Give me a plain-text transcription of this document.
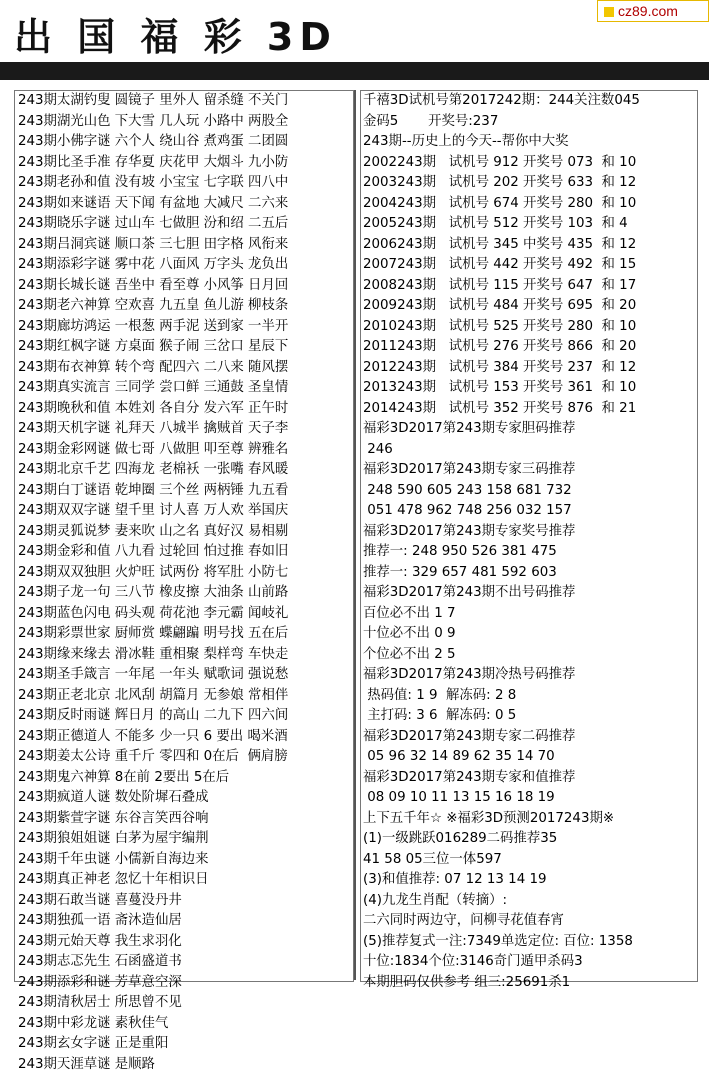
出 国 福 彩 3D
cz89.com
243期太湖钓叟 圆镜子 里外人 留杀缝 不关门
243期湖光山色 下大雪 几人玩 小路中 两股全
243期小佛字谜 六个人 绕山谷 煮鸡蛋 二团圆
243期比圣手准 存华夏 庆花甲 大烟斗 九小防
243期老孙和值 没有坡 小宝宝 七字联 四八中
243期如来谜语 天下闻 有盆地 大减尺 二六来
243期晓乐字谜 过山车 七做胆 汾和绍 二五后
243期吕洞宾谜 顺口茶 三七胆 田字格 风衔来
243期添彩字谜 雾中花 八面风 万字头 龙负出
243期长城长谜 吾坐中 看至尊 小风筝 日月回
243期老六神算 空欢喜 九五皇 鱼儿游 柳枝条
243期廊坊鸿运 一根葱 两手泥 送到家 一半开
243期红枫字谜 方桌面 猴子闹 三岔口 星辰下
243期布衣神算 转个弯 配四六 二八来 随风摆
243期真实流言 三同学 尝口鲜 三通鼓 圣皇情
243期晚秋和值 本姓刘 各自分 发六军 正午时
243期天机字谜 礼拜天 八城半 擒贼首 天子李
243期金彩网谜 做七哥 八做胆 叩至尊 辨雅名
243期北京千艺 四海龙 老棉袄 一张嘴 春风暖
243期白丁谜语 乾坤圈 三个丝 两柄锤 九五看
243期双双字谜 望千里 讨人喜 万人欢 举国庆
243期灵狐说梦 妻来吹 山之名 真好汉 易相剔
243期金彩和值 八九看 过轮回 怕过推 春如旧
243期双双独胆 火炉旺 试两份 将军肚 小防七
243期子龙一句 三八节 橡皮擦 大油条 山前路
243期蓝色闪电 码头观 荷花池 李元霸 闻岐礼
243期彩票世家 厨师赏 蝶翩蹁 明号找 五在后
243期缘来缘去 滑冰鞋 重相聚 梨样弯 车快走
243期圣手箴言 一年尾 一年头 赋歌词 强说愁
243期正老北京 北风刮 胡篇月 无参娘 常相伴
243期反时雨谜 辉日月 的高山 二九下 四六间
243期正德道人 不能多 少一只 6 要出 喝米酒
243期姜太公诗 重千斤 零四和 0在后  俩肩膀
243期鬼六神算 8在前 2要出 5在后
243期疯道人谜 数处阶墀石叠成
243期紫萱字谜 东谷言笑西谷响
243期狼姐姐谜 白茅为屋宇编荆
243期千年虫谜 小儒新自海边来
243期真正神老 忽忆十年相识日
243期石敢当谜 喜蔓没丹井
243期独孤一语 斋沐造仙居
243期元始天尊 我生求羽化
243期志忑先生 石函盛道书
243期添彩和谜 芳草意空深
243期清秋居士 所思曾不见
243期中彩龙谜 素秋佳气
243期玄女字谜 正是重阳
243期天涯草谜 是顺路
千禧3D试机号第2017242期：244关注数045
金码5       开奖号:237
243期--历史上的今天--帮你中大奖
2002243期   试机号 912 开奖号 073  和 10
2003243期   试机号 202 开奖号 633  和 12
2004243期   试机号 674 开奖号 280  和 10
2005243期   试机号 512 开奖号 103  和 4
2006243期   试机号 345 中奖号 435  和 12
2007243期   试机号 442 开奖号 492  和 15
2008243期   试机号 115 开奖号 647  和 17
2009243期   试机号 484 开奖号 695  和 20
2010243期   试机号 525 开奖号 280  和 10
2011243期   试机号 276 开奖号 866  和 20
2012243期   试机号 384 开奖号 237  和 12
2013243期   试机号 153 开奖号 361  和 10
2014243期   试机号 352 开奖号 876  和 21
福彩3D2017第243期专家胆码推荐
246
福彩3D2017第243期专家三码推荐
248 590 605 243 158 681 732
051 478 962 748 256 032 157
福彩3D2017第243期专家奖号推荐
推荐一: 248 950 526 381 475
推荐一: 329 657 481 592 603
福彩3D2017第243期不出号码推荐
百位必不出 1 7
十位必不出 0 9
个位必不出 2 5
福彩3D2017第243期冷热号码推荐
热码值: 1 9  解冻码: 2 8
主打码: 3 6  解冻码: 0 5
福彩3D2017第243期专家二码推荐
05 96 32 14 89 62 35 14 70
福彩3D2017第243期专家和值推荐
08 09 10 11 13 15 16 18 19
上下五千年☆ ※福彩3D预测2017243期※
(1)一级跳跃016289二码推荐35
41 58 05三位一体597
(3)和值推荐: 07 12 13 14 19
(4)九龙生肖配（转摘）:
二六同时两边守，问柳寻花值春宵
(5)推荐复式一注:7349单选定位: 百位: 1358
十位:1834个位:3146奇门遁甲杀码3
本期胆码仅供参考 组三:25691杀1
